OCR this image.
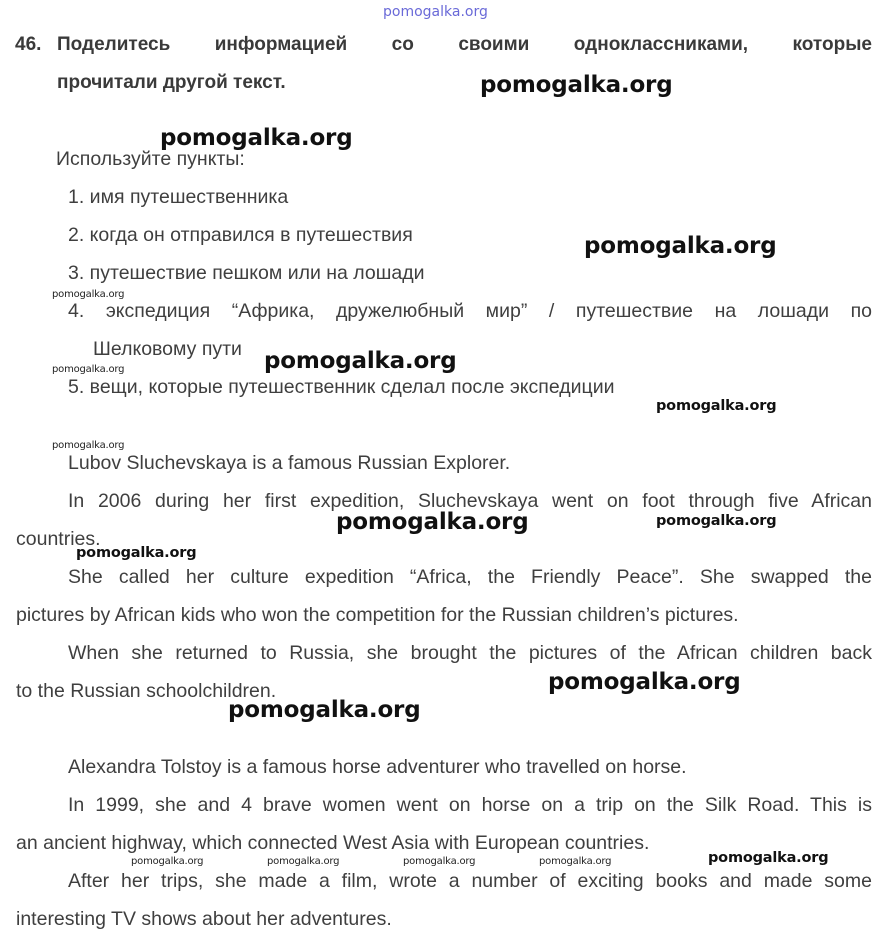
pomogalka.org
46. Поделитесь информацией со своими одноклассниками, которые
прочитали другой текст.
Используйте пункты:
1. имя путешественника
2. когда он отправился в путешествия
3. путешествие пешком или на лошади
4. экспедиция “Африка, дружелюбный мир” / путешествие на лошади по
Шелковому пути
5. вещи, которые путешественник сделал после экспедиции
Lubov Sluchevskaya is a famous Russian Explorer.
In 2006 during her first expedition, Sluchevskaya went on foot through five African
countries.
She called her culture expedition “Africa, the Friendly Peace”. She swapped the
pictures by African kids who won the competition for the Russian children’s pictures.
When she returned to Russia, she brought the pictures of the African children back
to the Russian schoolchildren.
Alexandra Tolstoy is a famous horse adventurer who travelled on horse.
In 1999, she and 4 brave women went on horse on a trip on the Silk Road. This is
an ancient highway, which connected West Asia with European countries.
After her trips, she made a film, wrote a number of exciting books and made some
interesting TV shows about her adventures.
pomogalka.org
pomogalka.org
pomogalka.org
pomogalka.org
pomogalka.org
pomogalka.org
pomogalka.org
pomogalka.org
pomogalka.org
pomogalka.org
pomogalka.org
pomogalka.org
pomogalka.org
pomogalka.org
pomogalka.org	pomogalka.org	pomogalka.org	pomogalka.org
